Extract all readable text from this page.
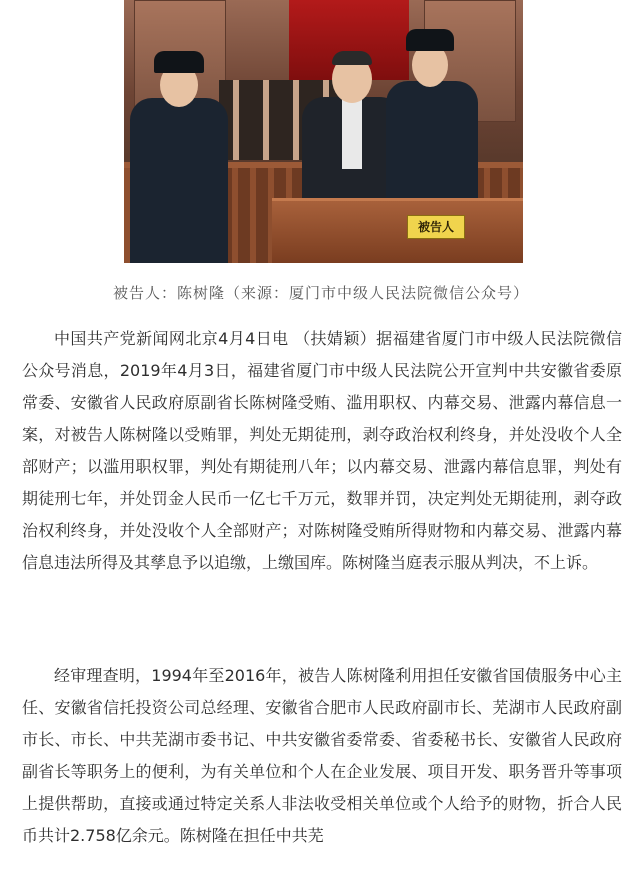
被告人
被告人：陈树隆（来源：厦门市中级人民法院微信公众号）

中国共产党新闻网北京4月4日电 （扶婧颖）据福建省厦门市中级人民法院微信公众号消息，2019年4月3日，福建省厦门市中级人民法院公开宣判中共安徽省委原常委、安徽省人民政府原副省长陈树隆受贿、滥用职权、内幕交易、泄露内幕信息一案，对被告人陈树隆以受贿罪，判处无期徒刑，剥夺政治权利终身，并处没收个人全部财产；以滥用职权罪，判处有期徒刑八年；以内幕交易、泄露内幕信息罪，判处有期徒刑七年，并处罚金人民币一亿七千万元，数罪并罚，决定判处无期徒刑，剥夺政治权利终身，并处没收个人全部财产；对陈树隆受贿所得财物和内幕交易、泄露内幕信息违法所得及其孳息予以追缴，上缴国库。陈树隆当庭表示服从判决，不上诉。

经审理查明，1994年至2016年，被告人陈树隆利用担任安徽省国债服务中心主任、安徽省信托投资公司总经理、安徽省合肥市人民政府副市长、芜湖市人民政府副市长、市长、中共芜湖市委书记、中共安徽省委常委、省委秘书长、安徽省人民政府副省长等职务上的便利，为有关单位和个人在企业发展、项目开发、职务晋升等事项上提供帮助，直接或通过特定关系人非法收受相关单位或个人给予的财物，折合人民币共计2.758亿余元。陈树隆在担任中共芜
